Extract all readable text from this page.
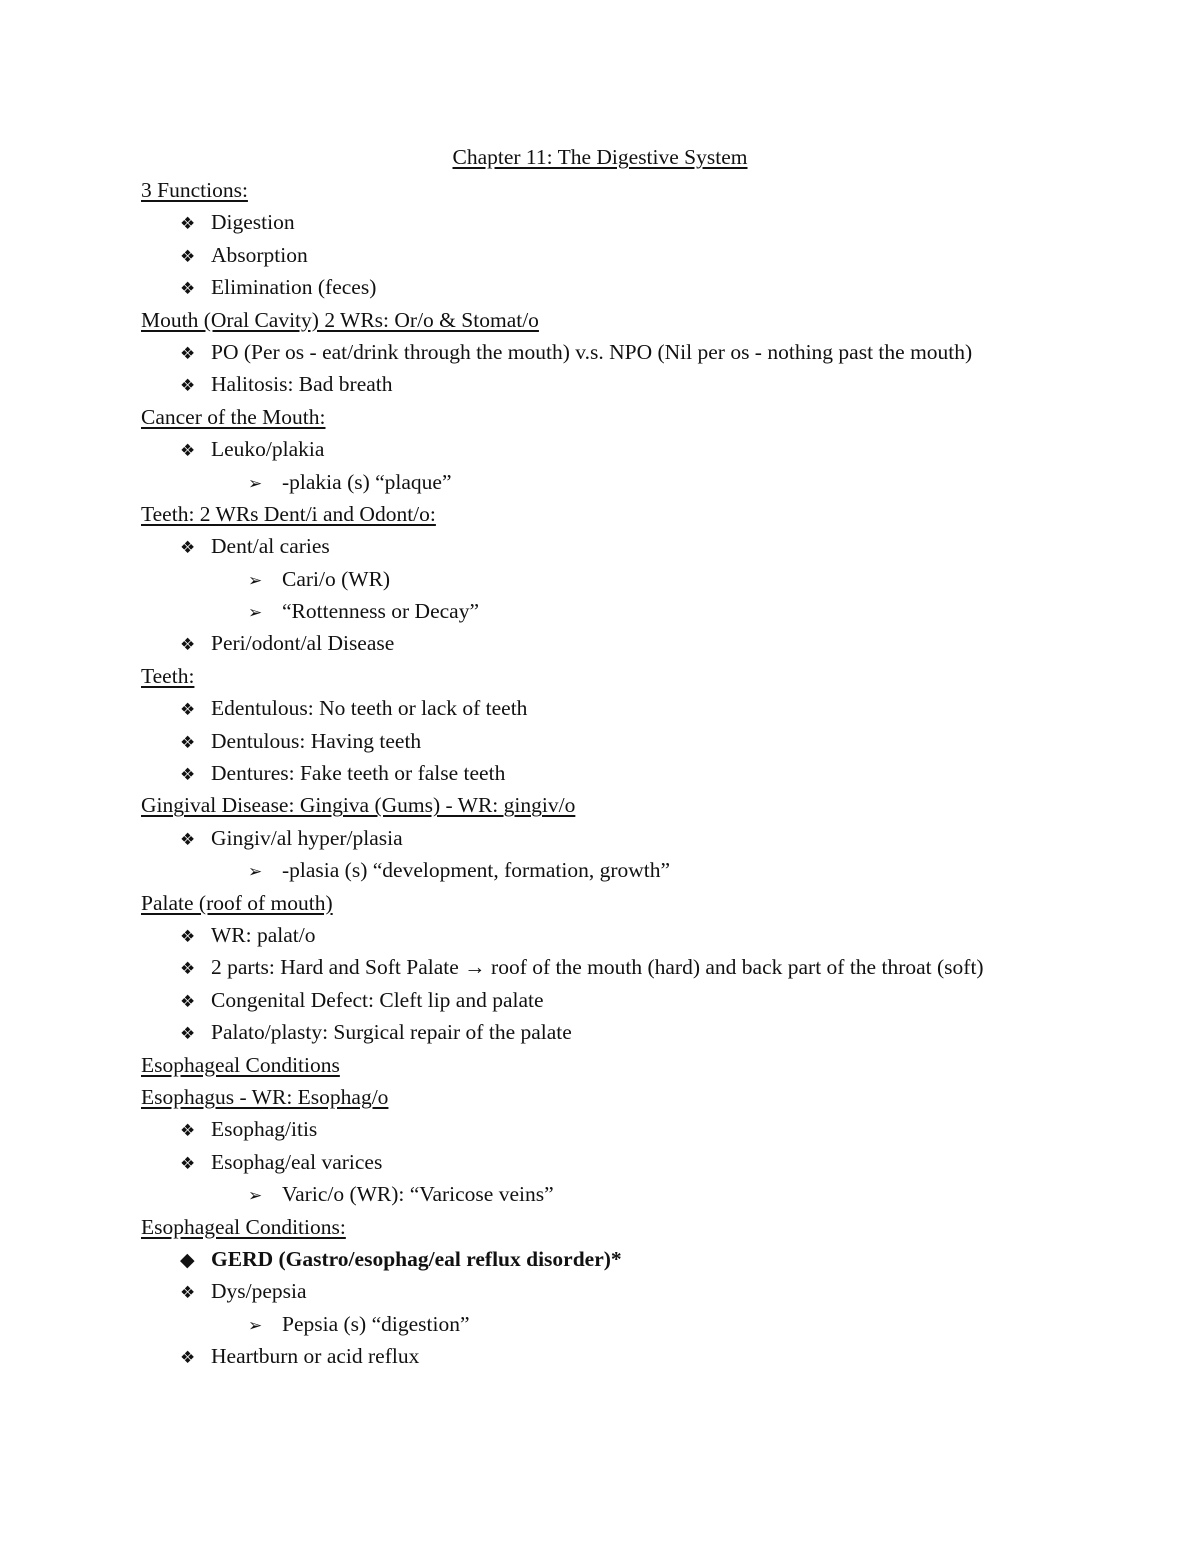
Chapter 11: The Digestive System
3 Functions:
❖ Digestion
❖ Absorption
❖ Elimination (feces)
Mouth (Oral Cavity) 2 WRs: Or/o & Stomat/o
❖ PO (Per os - eat/drink through the mouth) v.s. NPO (Nil per os - nothing past the mouth)
❖ Halitosis: Bad breath
Cancer of the Mouth:
❖ Leuko/plakia
➢ -plakia (s) “plaque”
Teeth: 2 WRs Dent/i and Odont/o:
❖ Dent/al caries
➢ Cari/o (WR)
➢ “Rottenness or Decay”
❖ Peri/odont/al Disease
Teeth:
❖ Edentulous: No teeth or lack of teeth
❖ Dentulous: Having teeth
❖ Dentures: Fake teeth or false teeth
Gingival Disease: Gingiva (Gums) - WR: gingiv/o
❖ Gingiv/al hyper/plasia
➢ -plasia (s) “development, formation, growth”
Palate (roof of mouth)
❖ WR: palat/o
❖ 2 parts: Hard and Soft Palate → roof of the mouth (hard) and back part of the throat (soft)
❖ Congenital Defect: Cleft lip and palate
❖ Palato/plasty: Surgical repair of the palate
Esophageal Conditions
Esophagus - WR: Esophag/o
❖ Esophag/itis
❖ Esophag/eal varices
➢ Varic/o (WR): “Varicose veins”
Esophageal Conditions:
◆ GERD (Gastro/esophag/eal reflux disorder)*
❖ Dys/pepsia
➢ Pepsia (s) “digestion”
❖ Heartburn or acid reflux
